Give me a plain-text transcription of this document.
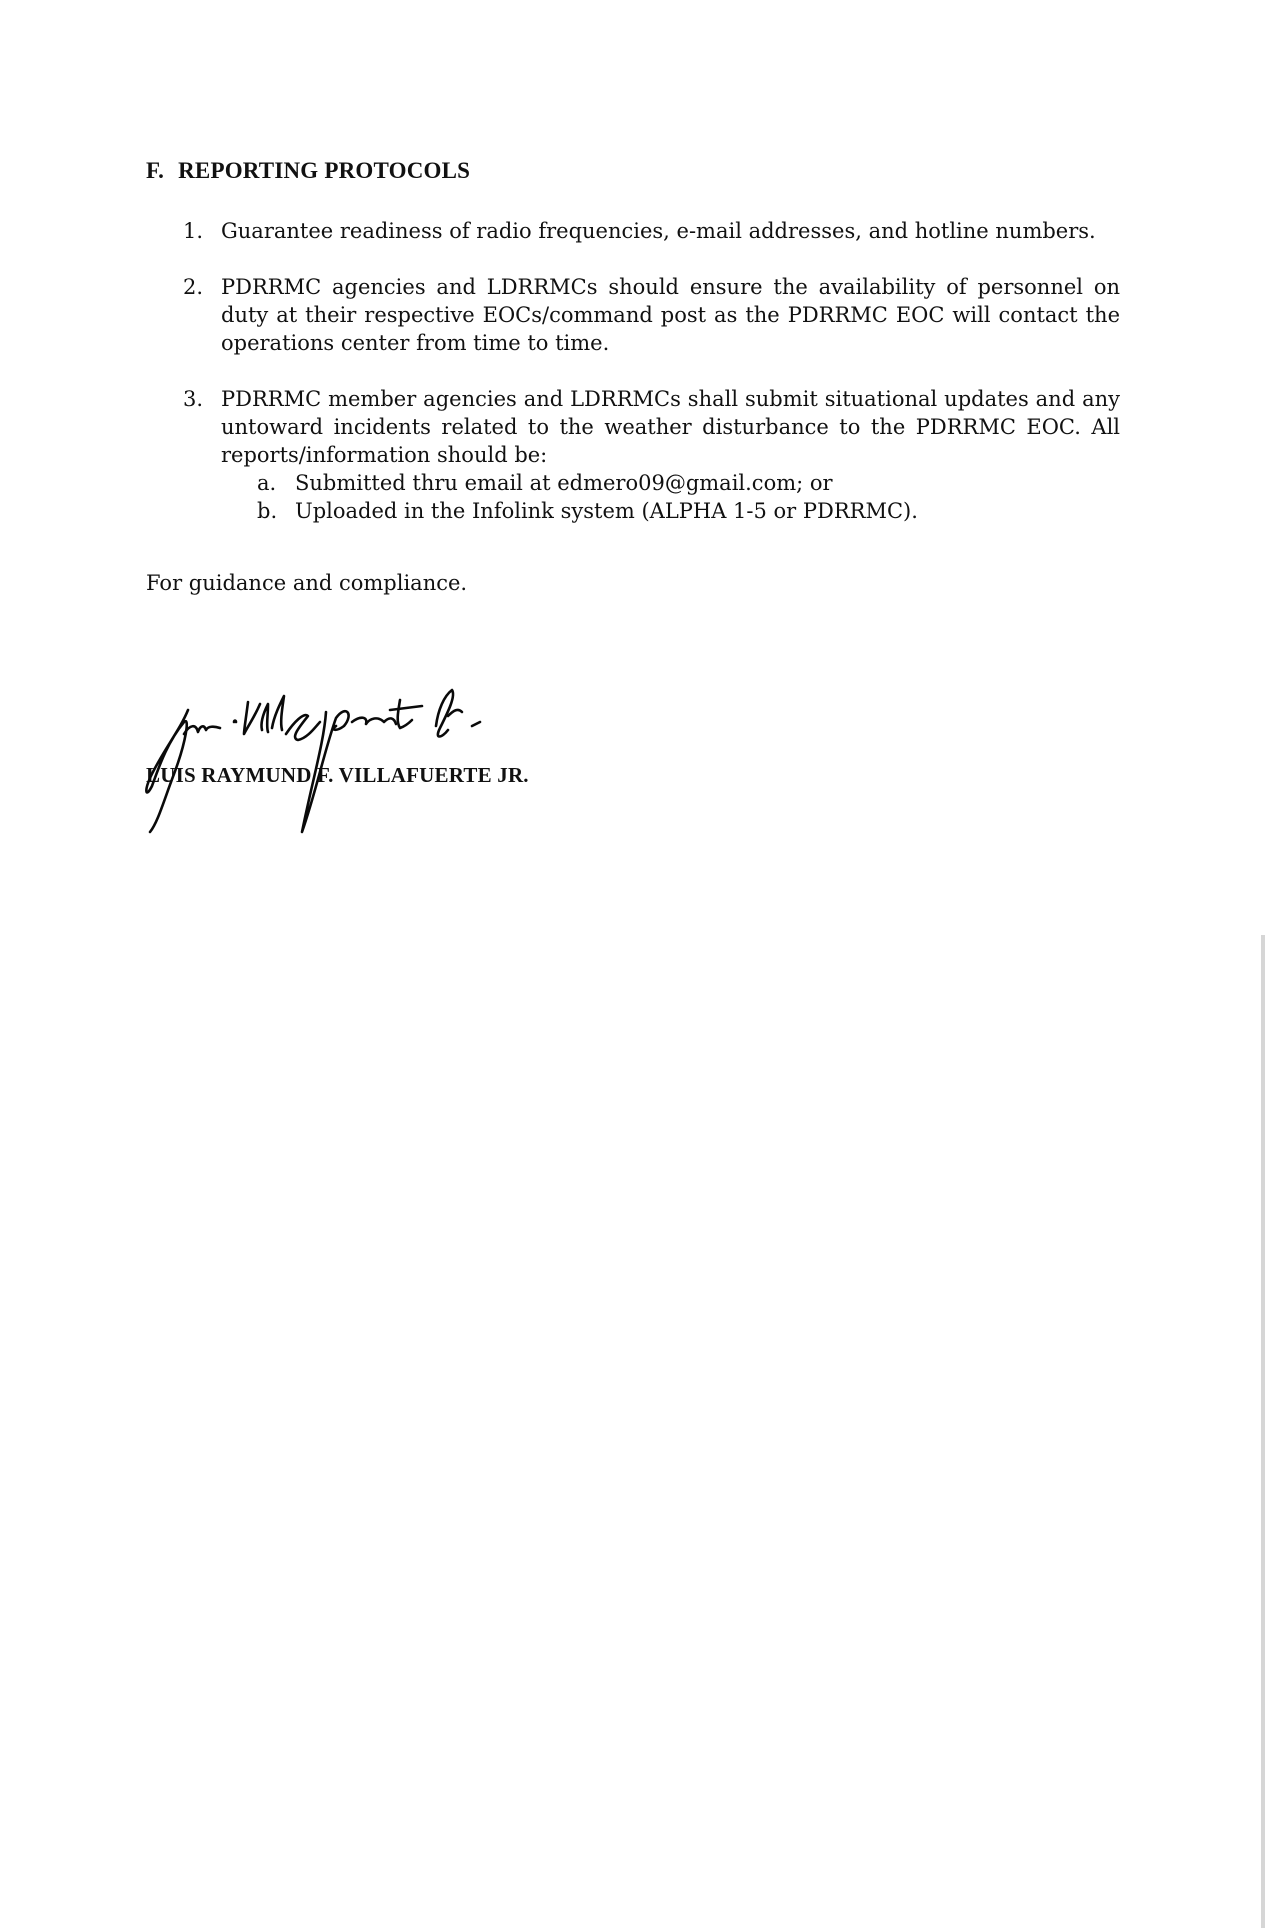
F. REPORTING PROTOCOLS
1. Guarantee readiness of radio frequencies, e-mail addresses, and hotline numbers.
2. PDRRMC agencies and LDRRMCs should ensure the availability of personnel on duty at their respective EOCs/command post as the PDRRMC EOC will contact the operations center from time to time.
3. PDRRMC member agencies and LDRRMCs shall submit situational updates and any untoward incidents related to the weather disturbance to the PDRRMC EOC. All reports/information should be:
a. Submitted thru email at edmero09@gmail.com; or
b. Uploaded in the Infolink system (ALPHA 1-5 or PDRRMC).
For guidance and compliance.
LUIS RAYMUND F. VILLAFUERTE JR.
